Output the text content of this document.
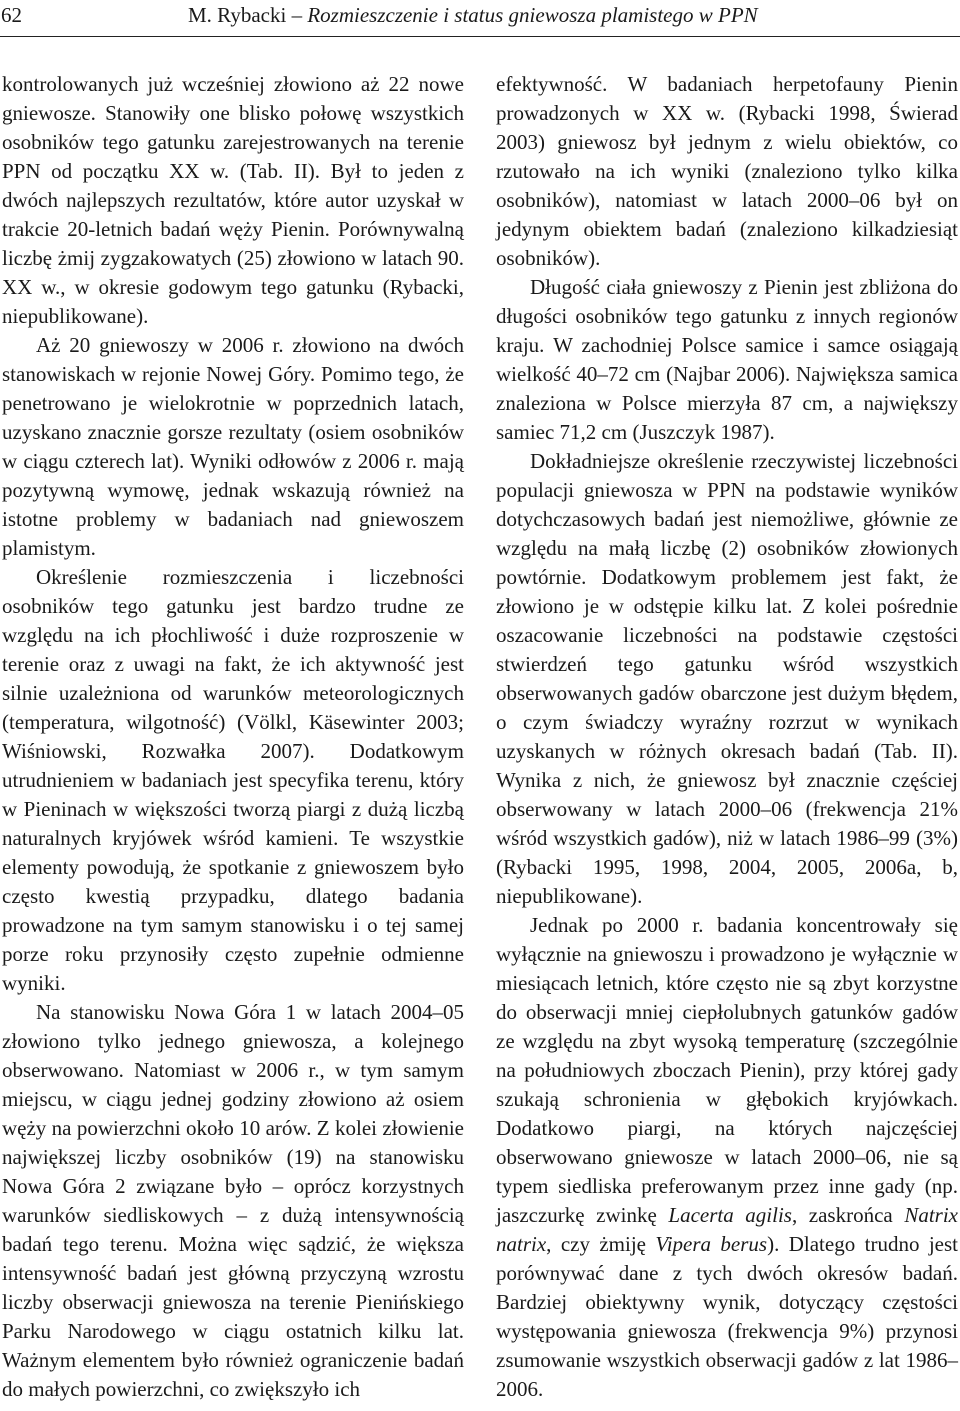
62	M. Rybacki – Rozmieszczenie i status gniewosza plamistego w PPN

kontrolowanych już wcześniej złowiono aż 22 nowe gniewosze. Stanowiły one blisko połowę wszystkich osobników tego gatunku zarejestrowanych na terenie PPN od początku XX w. (Tab. II). Był to jeden z dwóch najlepszych rezultatów, które autor uzyskał w trakcie 20-letnich badań węży Pienin. Porównywalną liczbę żmij zygzakowatych (25) złowiono w latach 90. XX w., w okresie godowym tego gatunku (Rybacki, niepublikowane).

Aż 20 gniewoszy w 2006 r. złowiono na dwóch stanowiskach w rejonie Nowej Góry. Pomimo tego, że penetrowano je wielokrotnie w poprzednich latach, uzyskano znacznie gorsze rezultaty (osiem osobników w ciągu czterech lat). Wyniki odłowów z 2006 r. mają pozytywną wymowę, jednak wskazują również na istotne problemy w badaniach nad gniewoszem plamistym.

Określenie rozmieszczenia i liczebności osobników tego gatunku jest bardzo trudne ze względu na ich płochliwość i duże rozproszenie w terenie oraz z uwagi na fakt, że ich aktywność jest silnie uzależniona od warunków meteorologicznych (temperatura, wilgotność) (Völkl, Käsewinter 2003; Wiśniowski, Rozwałka 2007). Dodatkowym utrudnieniem w badaniach jest specyfika terenu, który w Pieninach w większości tworzą piargi z dużą liczbą naturalnych kryjówek wśród kamieni. Te wszystkie elementy powodują, że spotkanie z gniewoszem było często kwestią przypadku, dlatego badania prowadzone na tym samym stanowisku i o tej samej porze roku przynosiły często zupełnie odmienne wyniki.

Na stanowisku Nowa Góra 1 w latach 2004–05 złowiono tylko jednego gniewosza, a kolejnego obserwowano. Natomiast w 2006 r., w tym samym miejscu, w ciągu jednej godziny złowiono aż osiem węży na powierzchni około 10 arów. Z kolei złowienie największej liczby osobników (19) na stanowisku Nowa Góra 2 związane było – oprócz korzystnych warunków siedliskowych – z dużą intensywnością badań tego terenu. Można więc sądzić, że większa intensywność badań jest główną przyczyną wzrostu liczby obserwacji gniewosza na terenie Pienińskiego Parku Narodowego w ciągu ostatnich kilku lat. Ważnym elementem było również ograniczenie badań do małych powierzchni, co zwiększyło ich

efektywność. W badaniach herpetofauny Pienin prowadzonych w XX w. (Rybacki 1998, Świerad 2003) gniewosz był jednym z wielu obiektów, co rzutowało na ich wyniki (znaleziono tylko kilka osobników), natomiast w latach 2000–06 był on jedynym obiektem badań (znaleziono kilkadziesiąt osobników).

Długość ciała gniewoszy z Pienin jest zbliżona do długości osobników tego gatunku z innych regionów kraju. W zachodniej Polsce samice i samce osiągają wielkość 40–72 cm (Najbar 2006). Największa samica znaleziona w Polsce mierzyła 87 cm, a największy samiec 71,2 cm (Juszczyk 1987).

Dokładniejsze określenie rzeczywistej liczebności populacji gniewosza w PPN na podstawie wyników dotychczasowych badań jest niemożliwe, głównie ze względu na małą liczbę (2) osobników złowionych powtórnie. Dodatkowym problemem jest fakt, że złowiono je w odstępie kilku lat. Z kolei pośrednie oszacowanie liczebności na podstawie częstości stwierdzeń tego gatunku wśród wszystkich obserwowanych gadów obarczone jest dużym błędem, o czym świadczy wyraźny rozrzut w wynikach uzyskanych w różnych okresach badań (Tab. II). Wynika z nich, że gniewosz był znacznie częściej obserwowany w latach 2000–06 (frekwencja 21% wśród wszystkich gadów), niż w latach 1986–99 (3%) (Rybacki 1995, 1998, 2004, 2005, 2006a, b, niepublikowane).

Jednak po 2000 r. badania koncentrowały się wyłącznie na gniewoszu i prowadzono je wyłącznie w miesiącach letnich, które często nie są zbyt korzystne do obserwacji mniej ciepłolubnych gatunków gadów ze względu na zbyt wysoką temperaturę (szczególnie na południowych zboczach Pienin), przy której gady szukają schronienia w głębokich kryjówkach. Dodatkowo piargi, na których najczęściej obserwowano gniewosze w latach 2000–06, nie są typem siedliska preferowanym przez inne gady (np. jaszczurkę zwinkę Lacerta agilis, zaskrońca Natrix natrix, czy żmiję Vipera berus). Dlatego trudno jest porównywać dane z tych dwóch okresów badań. Bardziej obiektywny wynik, dotyczący częstości występowania gniewosza (frekwencja 9%) przynosi zsumowanie wszystkich obserwacji gadów z lat 1986–2006.
